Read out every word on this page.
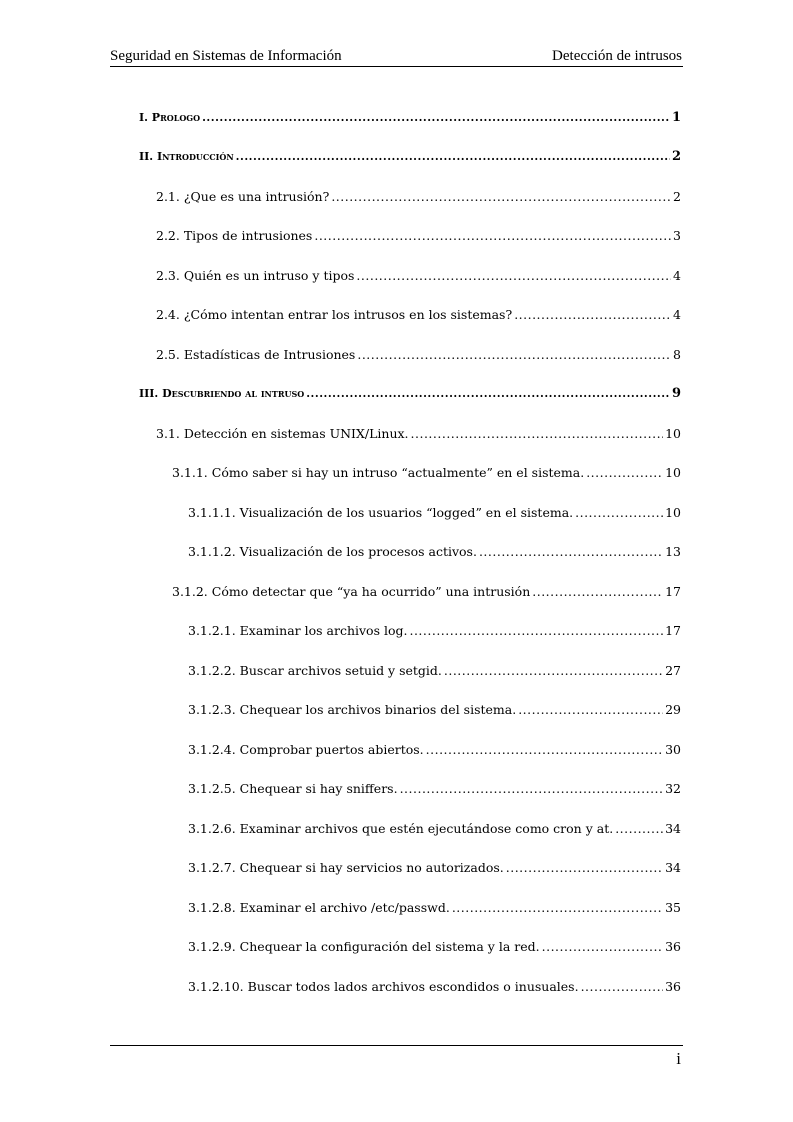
Seguridad en Sistemas de Información	Detección de intrusos
I. Prologo .....	1
II. Introducción .....	2
2.1. ¿Que es una intrusión? .....	2
2.2. Tipos de intrusiones .....	3
2.3. Quién es un intruso y tipos .....	4
2.4. ¿Cómo intentan entrar los intrusos en los sistemas? .....	4
2.5. Estadísticas de Intrusiones .....	8
III. Descubriendo al intruso .....	9
3.1. Detección en sistemas UNIX/Linux. .....	10
3.1.1. Cómo saber si hay un intruso “actualmente” en el sistema. .....	10
3.1.1.1. Visualización de los usuarios “logged” en el sistema. .....	10
3.1.1.2. Visualización de los procesos activos. .....	13
3.1.2. Cómo detectar que “ya ha ocurrido” una intrusión .....	17
3.1.2.1. Examinar los archivos log. .....	17
3.1.2.2. Buscar archivos setuid y setgid. .....	27
3.1.2.3. Chequear los archivos binarios del sistema. .....	29
3.1.2.4. Comprobar puertos abiertos. .....	30
3.1.2.5. Chequear si hay sniffers. .....	32
3.1.2.6. Examinar archivos que estén ejecutándose como cron y at. .....	34
3.1.2.7. Chequear si hay servicios no autorizados. .....	34
3.1.2.8. Examinar el archivo /etc/passwd. .....	35
3.1.2.9. Chequear la configuración del sistema y la red. .....	36
3.1.2.10. Buscar todos lados archivos escondidos o inusuales. .....	36
i
